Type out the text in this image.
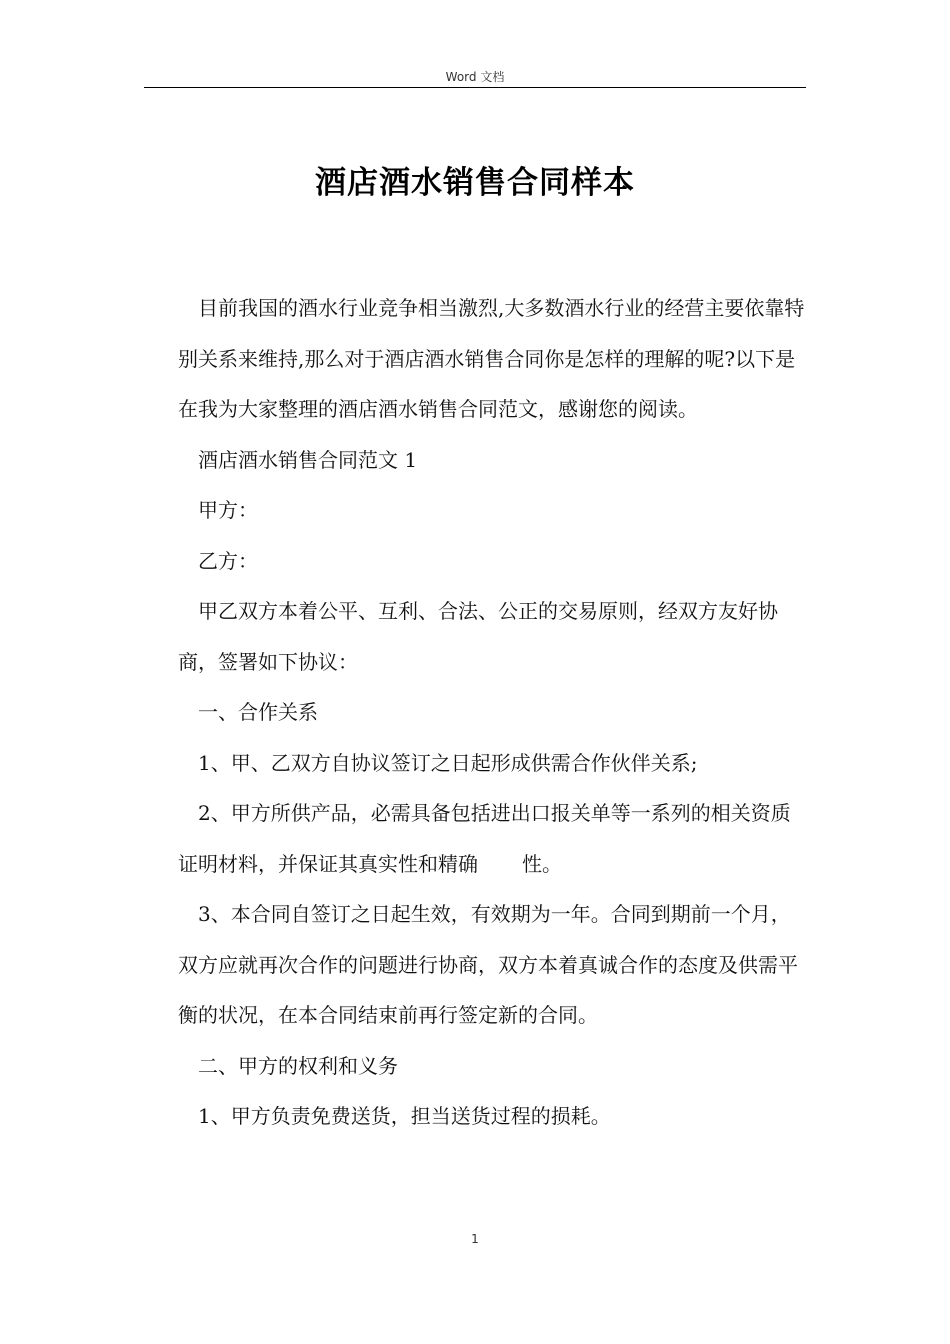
Word 文档
酒店酒水销售合同样本

目前我国的酒水行业竞争相当激烈,大多数酒水行业的经营主要依靠特别关系来维持,那么对于酒店酒水销售合同你是怎样的理解的呢?以下是在我为大家整理的酒店酒水销售合同范文，感谢您的阅读。

酒店酒水销售合同范文 1

甲方：

乙方：

甲乙双方本着公平、互利、合法、公正的交易原则，经双方友好协商，签署如下协议：

一、合作关系

1、甲、乙双方自协议签订之日起形成供需合作伙伴关系;

2、甲方所供产品，必需具备包括进出口报关单等一系列的相关资质证明材料，并保证其真实性和精确 性。

3、本合同自签订之日起生效，有效期为一年。合同到期前一个月，双方应就再次合作的问题进行协商，双方本着真诚合作的态度及供需平衡的状况，在本合同结束前再行签定新的合同。

二、甲方的权利和义务

1、甲方负责免费送货，担当送货过程的损耗。

1
